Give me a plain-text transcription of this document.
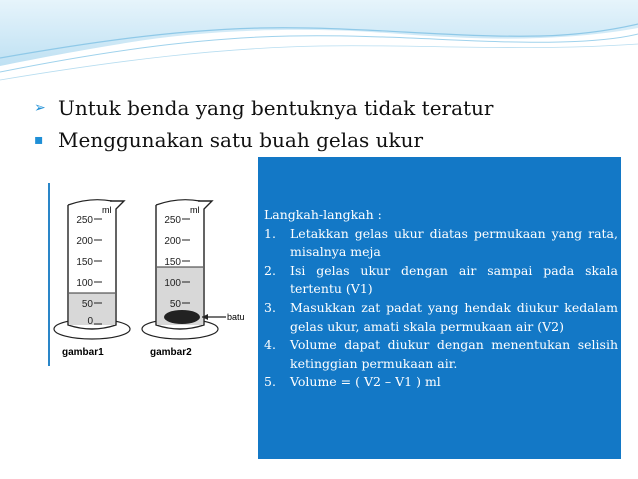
➢ Untuk benda yang bentuknya tidak teratur
▪ Menggunakan satu buah gelas ukur
ml
250
200
150
100
50
0
gambar1
ml
250
200
150
100
50
batu
gambar2
Langkah-langkah :
1.	Letakkan gelas ukur diatas permukaan yang rata, misalnya meja
2.	Isi gelas ukur dengan air sampai pada skala tertentu (V1)
3.	Masukkan zat padat yang hendak diukur kedalam gelas ukur, amati skala permukaan air (V2)
4.	Volume dapat diukur dengan menentukan selisih ketinggian permukaan air.
5.	Volume = ( V2 – V1 ) ml
